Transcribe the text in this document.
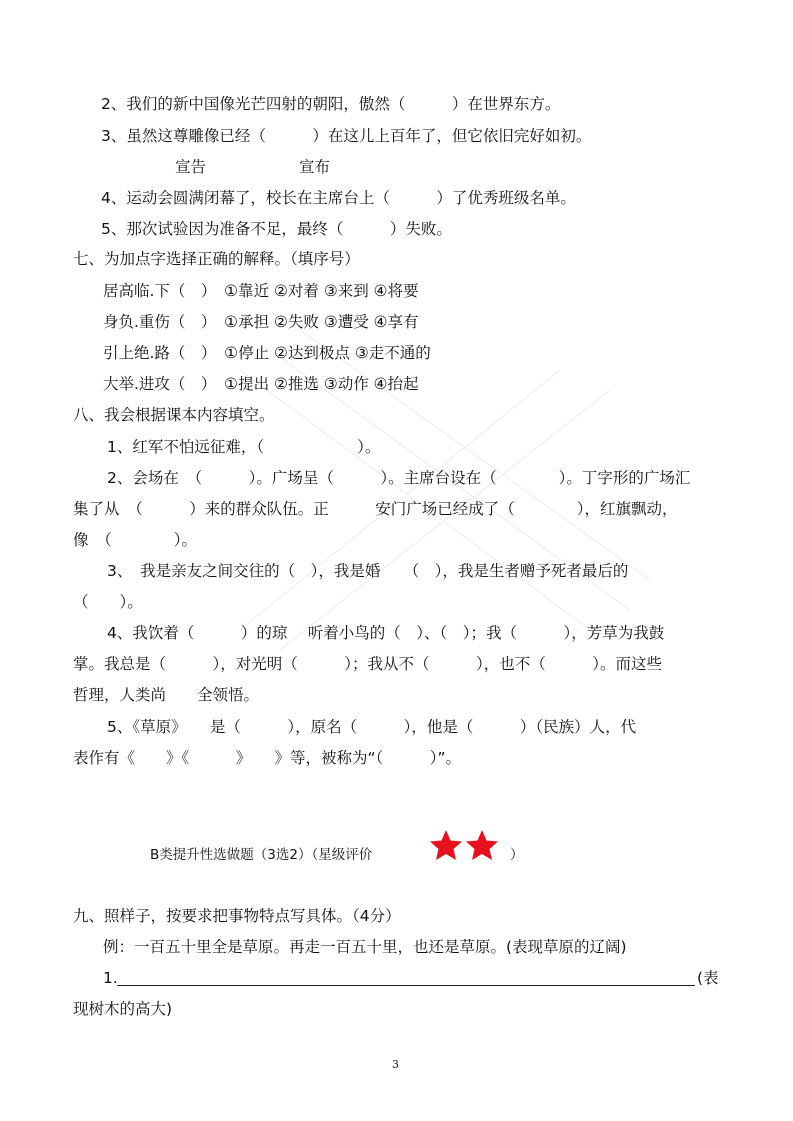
2、我们的新中国像光芒四射的朝阳，傲然（　　　）在世界东方。
3、虽然这尊雕像已经（　　　）在这儿上百年了，但它依旧完好如初。
宣告　　　　　　宣布
4、运动会圆满闭幕了，校长在主席台上（　　　）了优秀班级名单。
5、那次试验因为准备不足，最终（　　　）失败。
七、为加点字选择正确的解释。（填序号）
居高临.下（　）　①靠近 ②对着 ③来到 ④将要
身负.重伤（　）　①承担 ②失败 ③遭受 ④享有
引上绝.路（　）　①停止 ②达到极点 ③走不通的
大举.进攻（　）　①提出 ②推选 ③动作 ④抬起
八、我会根据课本内容填空。
1、红军不怕远征难，（　　　　　　）。
2、会场在　（　　　）。广场呈（　　　）。主席台设在（　　　　）。丁字形的广场汇
集了从　（　　　）来的群众队伍。正　　　安门广场已经成了（　　　　），红旗飘动，
像　（　　　　）。
3、　我是亲友之间交往的（　），我是婚　　（　），我是生者赠予死者最后的
（　　）。
4、我饮着（　　　）的琼　 听着小鸟的（　）、（　）；我（　　　），芳草为我鼓
掌。我总是（　　　），对光明（　　　）；我从不（　　　），也不（　　　）。而这些
哲理，人类尚　　全领悟。
5、《草原》　　是（　　　），原名（　　　），他是（　　　）（民族）人，代
表作有《　　》《　　　》　　》等，被称为“（　　　）”。
B类提升性选做题（3选2）（星级评价	）
九、照样子，按要求把事物特点写具体。（4分）
例：一百五十里全是草原。再走一百五十里，也还是草原。(表现草原的辽阔)
1.	(表
现树木的高大)
3
